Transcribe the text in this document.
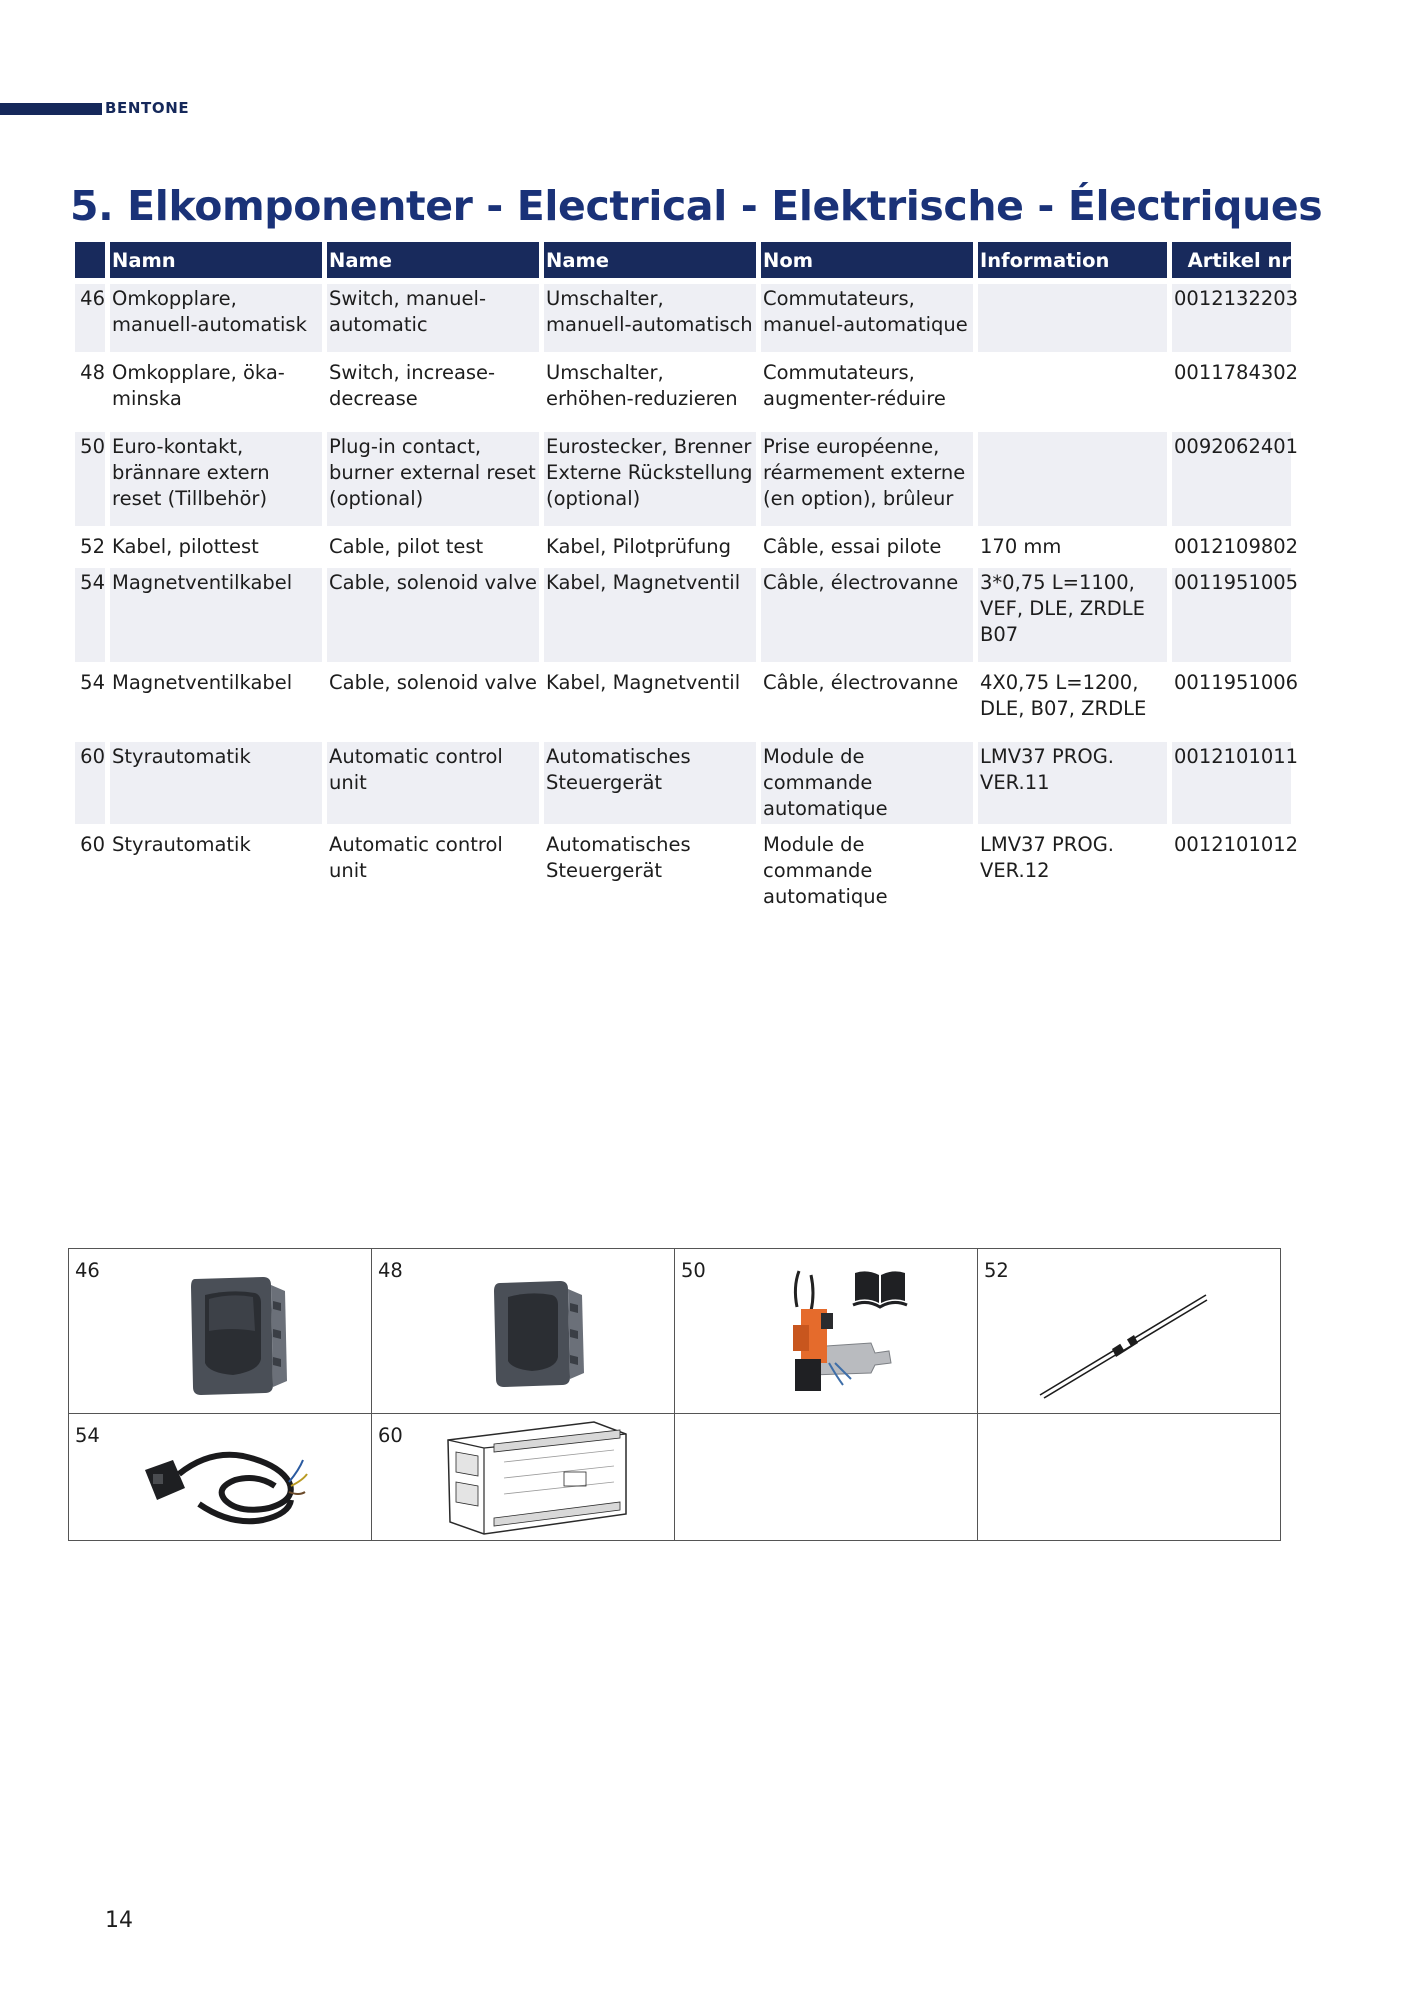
BENTONE
5. Elkomponenter - Electrical - Elektrische - Électriques
	Namn	Name	Name	Nom	Information	Artikel nr
46	Omkopplare, manuell-automatisk	Switch, manuel-automatic	Umschalter, manuell-automatisch	Commutateurs, manuel-automatique		0012132203
48	Omkopplare, öka-minska	Switch, increase-decrease	Umschalter, erhöhen-reduzieren	Commutateurs, augmenter-réduire		0011784302
50	Euro-kontakt, brännare extern reset (Tillbehör)	Plug-in contact, burner external reset (optional)	Eurostecker, Brenner Externe Rückstellung (optional)	Prise européenne, réarmement externe (en option), brûleur		0092062401
52	Kabel, pilottest	Cable, pilot test	Kabel, Pilotprüfung	Câble, essai pilote	170 mm	0012109802
54	Magnetventilkabel	Cable, solenoid valve	Kabel, Magnetventil	Câble, électrovanne	3*0,75 L=1100, VEF, DLE, ZRDLE B07	0011951005
54	Magnetventilkabel	Cable, solenoid valve	Kabel, Magnetventil	Câble, électrovanne	4X0,75 L=1200, DLE, B07, ZRDLE	0011951006
60	Styrautomatik	Automatic control unit	Automatisches Steuergerät	Module de commande automatique	LMV37 PROG. VER.11	0012101011
60	Styrautomatik	Automatic control unit	Automatisches Steuergerät	Module de commande automatique	LMV37 PROG. VER.12	0012101012
46	48	50	52

54	60		

14
